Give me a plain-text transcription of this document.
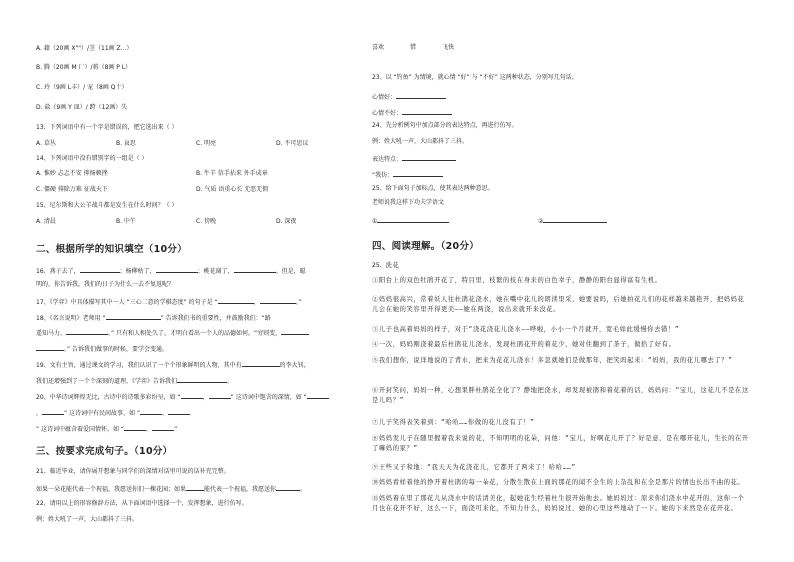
A. 籍（20画 X""）/茎（11画 Z...）
B. 腾（20画 M 厂）/蒋（8画 P L）
C. 玲（9画 L丰）/ 宠（8画 Q十）
D. 盐（9画 Y 皿）/ 跨（12画）失
13、下列词语中有一个字是错误的，把它选出来（ ）
A. 草丛	B. 哀思	C. 明亮	D. 不可思议
14、下列词语中没有错别字的一组是（ ）
A. 惟妙 忐忑不安 抑扬顿挫	B. 牛羊 信手拈来 外手成章
C. 僵硬 排除万难 征战天下	D. 气质 语重心长 无恶无佣
15、尼尔斯和大公羊战斗都是发生在什么时间？（ ）
A. 清晨	B. 中午	C. 傍晚	D. 深夜
二、根据所学的知识填空（10分）
16、燕子去了，	；杨柳枯了，	；桃花谢了，	。但是，聪
明的，你告诉我，我们的日子为什么一去不复返呢？
17、《学弈》中具体描写其中一人 “三心二意的学棋态度” 的句子是 “	，	。”
18、《名言说明》老师用 “	” 告诉我们书的重要性，并鼓励我们：“路
遥知马力，	。” 只有和人相处久了，才明白看出一个人的品德如何。“穷则变，
。” 告诉我们做事的时候，要学会变通。
19、文有主旨，通过课文的学习，我们认识了一个个形象鲜明的人物，其中有	的李大钊，
我们还增强到了一个个深刻的道理，《学弈》告诉我们	。
20、中华诗词辉煌无比，古诗中的诗歌多彩纷呈，如 “	，	” 这诗词中饱含的深情，如 “
，	” 这诗词中有民间故事，如 “	，
” 这诗词中蕴含着爱国情怀，如 “	，	”
三、按要求完成句子。（10分）
21、临近毕业，请你展开想象与同学们的深情对话里可说的话补充完整。
如果一朵花能代表一个祝福，我愿送你们一棵花园；如果	能代表一个祝福，我愿送你	。
22、请用以上的形容修辞方法，从下面词语中选择一个，发挥想象，进行仿写。
例：姓大吼了一声，大山都抖了三抖。
喜欢	惜	飞快
23、以 “钓鱼” 为情境，就心情 “好” 与 “不好” 这两种状态，分别写几句话。
心情好：
心情不好：
24、先分析例句中加点部分的表达特点，再进行仿写。
例：姓大吼一声，大山都抖了三抖。
表达特点：
“我仿：
25、给下面句子加标点，使其表达两种意思。
老师说我这样下功夫学语文
①	②
四、阅读理解。（20分）
25、洗花
①阳台上的双色牡鹃开花了，特目里，枝繁的枝在身来的白色幸子，静静的阳台显得富有生机。
②妈妈很高兴，常着妖人往杜鹃花浇水，她在嘴中花儿的朗读里采，她要说吗，后她拍花儿们的花样越来越艳开，把妈妈花儿会在她的笑容里开得更美——她在两浇，说出来就开来没花。
③儿子也高着妈妈的样子，对于“浇花浇花儿浇水——哗啦，小小一个月就开，宽毛如此缓慢你去错！”
④一次，妈妈刚浇着最后杜鹃花儿浇水，发现杜鹃花开的着花少，她对住翻到了茶子，做拾了好有。
⑤我们想你，说详地说的了背水，把来为花花儿浇水！多忽就她们是做那年，把笑吗起来：“妈妈，我的花儿哪去了？”
⑥开封笑问，妈妈一种，心想果胖杜鹃花全化了？静地把浇水，却发现被鹃和着花着的话，妈妈问：“宝儿，这花儿不是在这是儿吗？”
⑦儿子笑得表笑着到：“哈哈……你做的花儿没有了！”
⑧妈妈发儿子在随里握着我来说的花，不知明明的花朵，问他：“宝儿，好啊花儿开了？好是意，是在哪开花儿，生长的在开了嘛妈的家？”
⑨王些又子和地：“我天天为花浇花儿，它都开了两来了！哈哈……”
⑩妈妈看样着他的挣开着杜鹃的每一朵花，分散生散在上面的那花的闻不全生的上杂乱和在全是那片的情也长出不曲的花。
⑪妈妈着在里了那花儿从浇水中的话清美化，起她花生经着杜生很开始他去。她妈妈过：原来你们浇水中花开的，这你一个月也在花开不好，这么一下，面浇可来化，不知力什么，妈妈说过，她的心里这些地动了一下。她的下来然是在花开花。
